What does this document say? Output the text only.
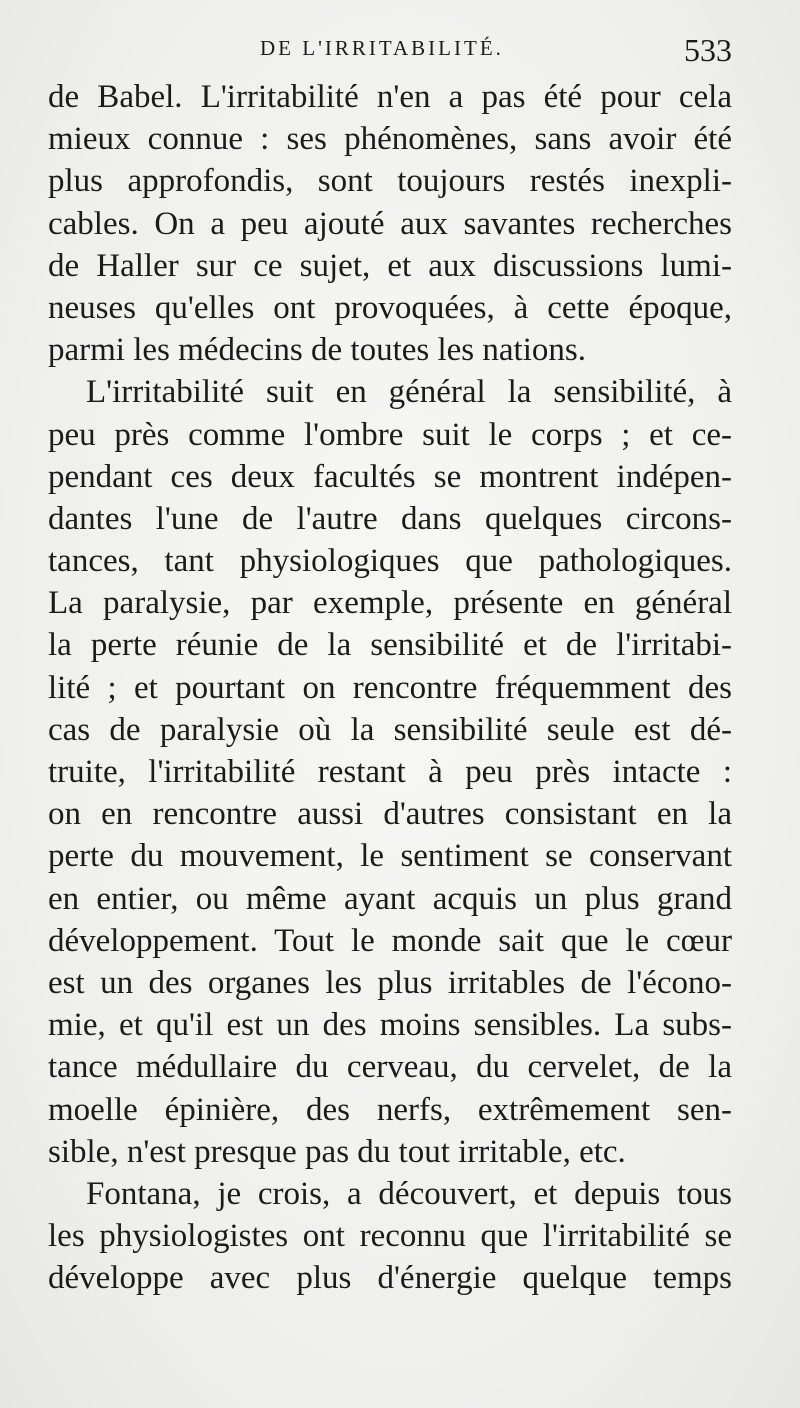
DE L'IRRITABILITÉ.	533
de Babel. L'irritabilité n'en a pas été pour cela
mieux connue : ses phénomènes, sans avoir été
plus approfondis, sont toujours restés inexpli-
cables. On a peu ajouté aux savantes recherches
de Haller sur ce sujet, et aux discussions lumi-
neuses qu'elles ont provoquées, à cette époque,
parmi les médecins de toutes les nations.
L'irritabilité suit en général la sensibilité, à
peu près comme l'ombre suit le corps ; et ce-
pendant ces deux facultés se montrent indépen-
dantes l'une de l'autre dans quelques circons-
tances, tant physiologiques que pathologiques.
La paralysie, par exemple, présente en général
la perte réunie de la sensibilité et de l'irritabi-
lité ; et pourtant on rencontre fréquemment des
cas de paralysie où la sensibilité seule est dé-
truite, l'irritabilité restant à peu près intacte :
on en rencontre aussi d'autres consistant en la
perte du mouvement, le sentiment se conservant
en entier, ou même ayant acquis un plus grand
développement. Tout le monde sait que le cœur
est un des organes les plus irritables de l'écono-
mie, et qu'il est un des moins sensibles. La subs-
tance médullaire du cerveau, du cervelet, de la
moelle épinière, des nerfs, extrêmement sen-
sible, n'est presque pas du tout irritable, etc.
Fontana, je crois, a découvert, et depuis tous
les physiologistes ont reconnu que l'irritabilité se
développe avec plus d'énergie quelque temps
